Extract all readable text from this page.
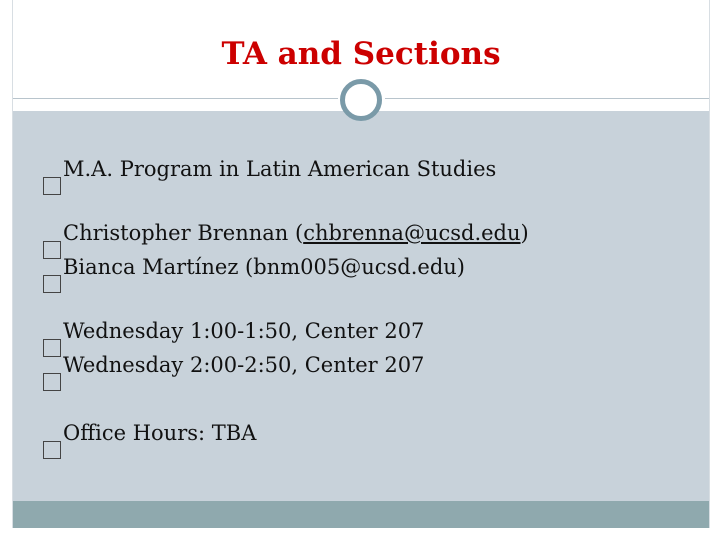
TA and Sections
M.A. Program in Latin American Studies
Christopher Brennan (chbrenna@ucsd.edu)
Bianca Martínez (bnm005@ucsd.edu)
Wednesday 1:00-1:50, Center 207
Wednesday 2:00-2:50, Center 207
Office Hours: TBA
